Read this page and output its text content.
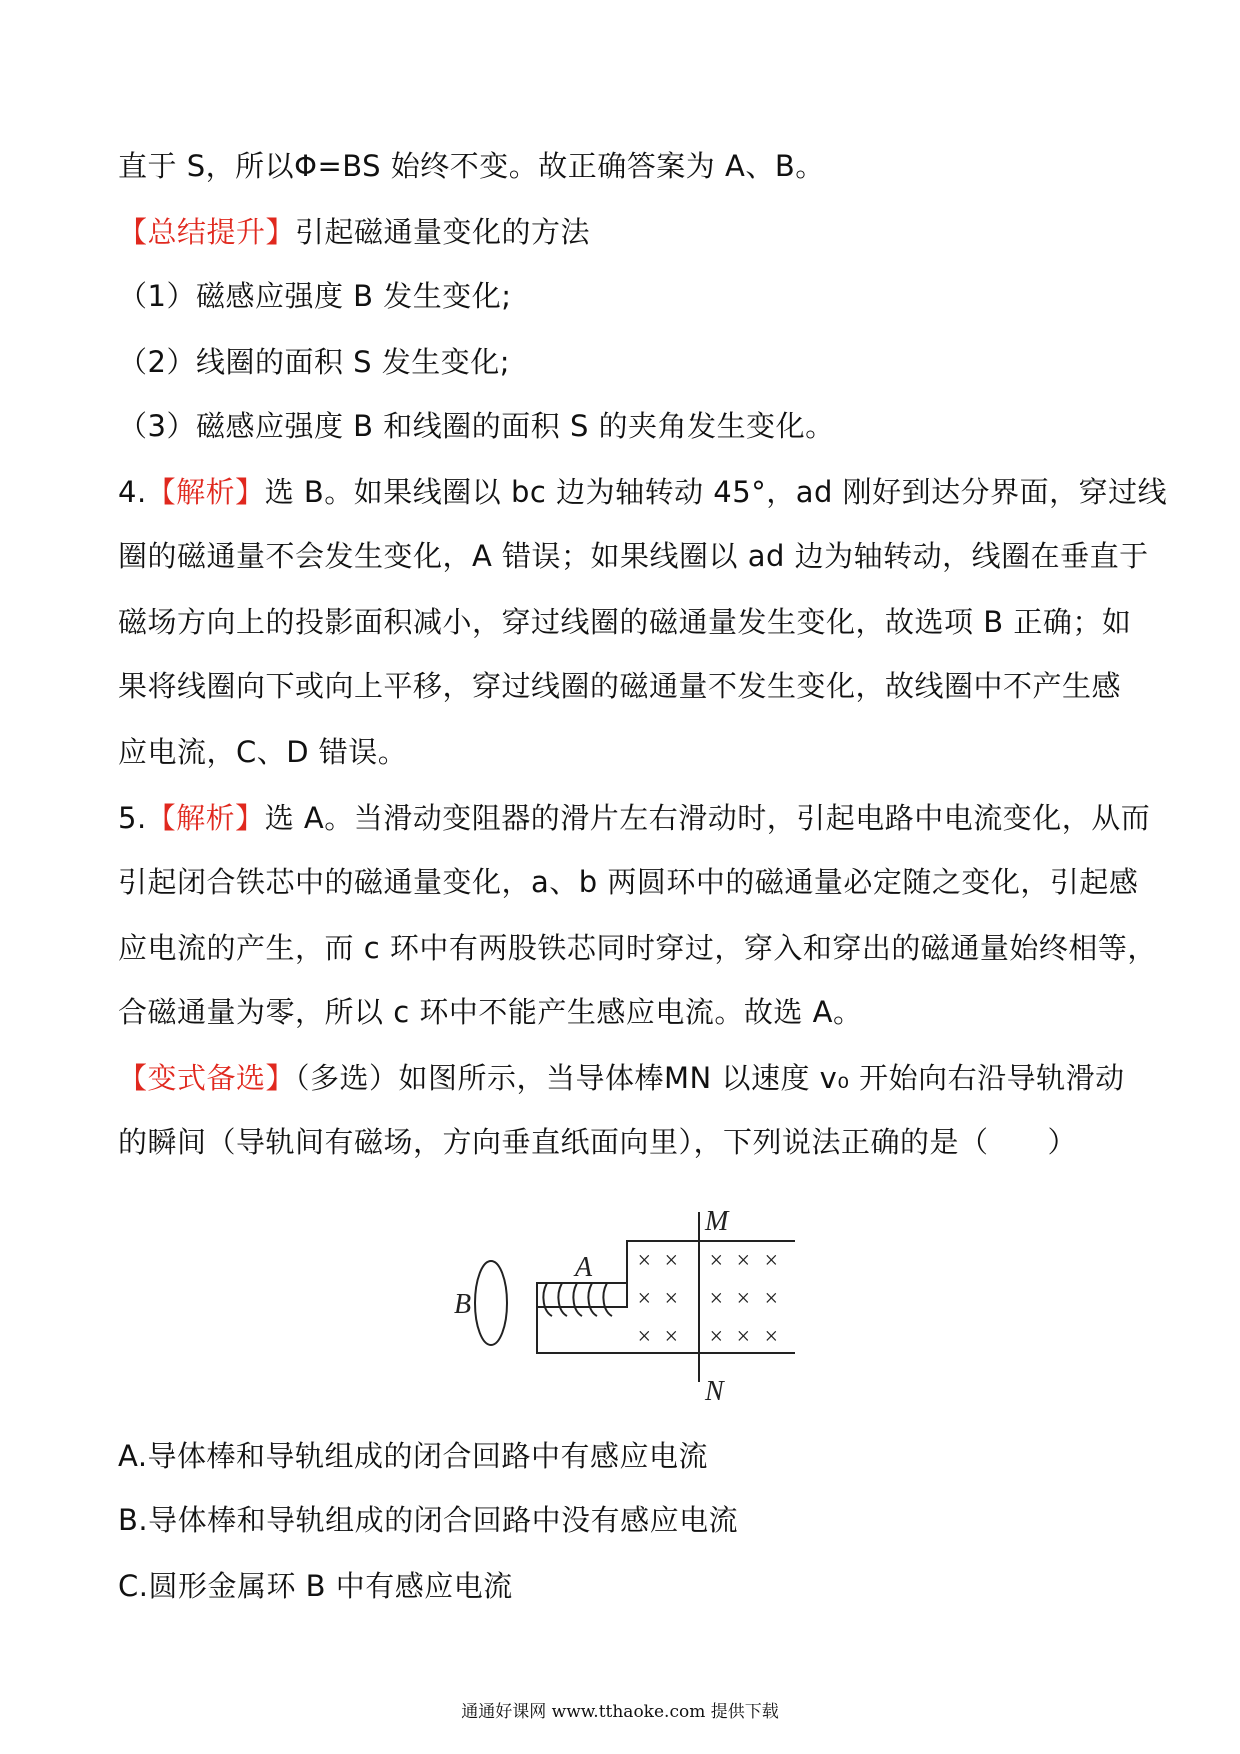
直于 S，所以Φ=BS 始终不变。故正确答案为 A、B。
【总结提升】引起磁通量变化的方法
（1）磁感应强度 B 发生变化;
（2）线圈的面积 S 发生变化;
（3）磁感应强度 B 和线圈的面积 S 的夹角发生变化。
4.【解析】选 B。如果线圈以 bc 边为轴转动 45°，ad 刚好到达分界面，穿过线
圈的磁通量不会发生变化，A 错误；如果线圈以 ad 边为轴转动，线圈在垂直于
磁场方向上的投影面积减小，穿过线圈的磁通量发生变化，故选项 B 正确；如
果将线圈向下或向上平移，穿过线圈的磁通量不发生变化，故线圈中不产生感
应电流，C、D 错误。
5.【解析】选 A。当滑动变阻器的滑片左右滑动时，引起电路中电流变化，从而
引起闭合铁芯中的磁通量变化，a、b 两圆环中的磁通量必定随之变化，引起感
应电流的产生，而 c 环中有两股铁芯同时穿过，穿入和穿出的磁通量始终相等，
合磁通量为零，所以 c 环中不能产生感应电流。故选 A。
【变式备选】（多选）如图所示，当导体棒MN 以速度 v₀ 开始向右沿导轨滑动
的瞬间（导轨间有磁场，方向垂直纸面向里），下列说法正确的是（　　）
M
N
A
B
× × × × ×
× × × × ×
× × × × ×
A.导体棒和导轨组成的闭合回路中有感应电流
B.导体棒和导轨组成的闭合回路中没有感应电流
C.圆形金属环 B 中有感应电流
通通好课网 www.tthaoke.com 提供下载
